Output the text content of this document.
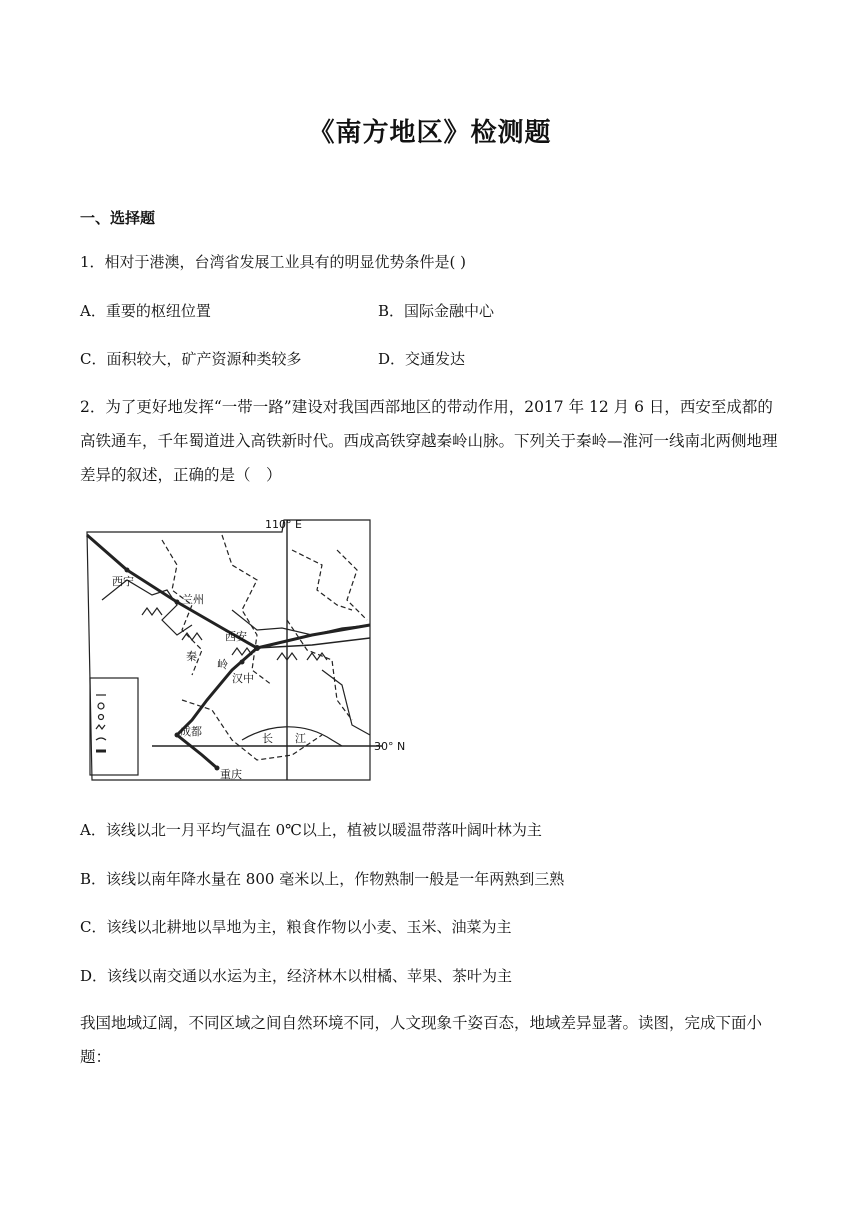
《南方地区》检测题
一、选择题
1．相对于港澳，台湾省发展工业具有的明显优势条件是( )
A．重要的枢纽位置	B．国际金融中心
C．面积较大，矿产资源种类较多	D．交通发达
2．为了更好地发挥“一带一路”建设对我国西部地区的带动作用，2017 年 12 月 6 日，西安至成都的高铁通车，千年蜀道进入高铁新时代。西成高铁穿越秦岭山脉。下列关于秦岭—淮河一线南北两侧地理差异的叙述，正确的是（　）
110° E
30° N
西宁
兰州
西安
汉中
成都
重庆
秦
岭
长 江
A．该线以北一月平均气温在 0℃以上，植被以暖温带落叶阔叶林为主
B．该线以南年降水量在 800 毫米以上，作物熟制一般是一年两熟到三熟
C．该线以北耕地以旱地为主，粮食作物以小麦、玉米、油菜为主
D．该线以南交通以水运为主，经济林木以柑橘、苹果、茶叶为主
我国地域辽阔，不同区域之间自然环境不同，人文现象千姿百态，地域差异显著。读图，完成下面小题：
